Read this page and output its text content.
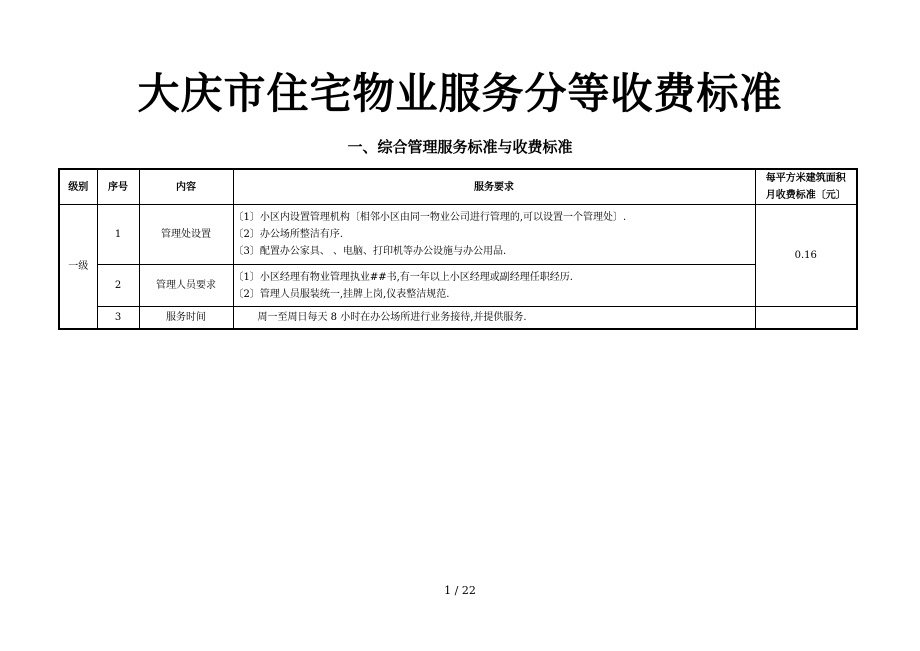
大庆市住宅物业服务分等收费标准
一、综合管理服务标准与收费标准
级别	序号	内容	服务要求	每平方米建筑面积
月收费标准〔元〕

一级	1	管理处设置	〔1〕小区内设置管理机构〔相邻小区由同一物业公司进行管理的,可以设置一个管理处〕.
〔2〕办公场所整洁有序.
〔3〕配置办公家具、 、电脑、打印机等办公设施与办公用品.	0.16
	2	管理人员要求	〔1〕小区经理有物业管理执业##书,有一年以上小区经理或副经理任职经历.
〔2〕管理人员服装统一,挂牌上岗,仪表整洁规范.	

	3	服务时间	周一至周日每天 8 小时在办公场所进行业务接待,并提供服务.	

1 / 22
